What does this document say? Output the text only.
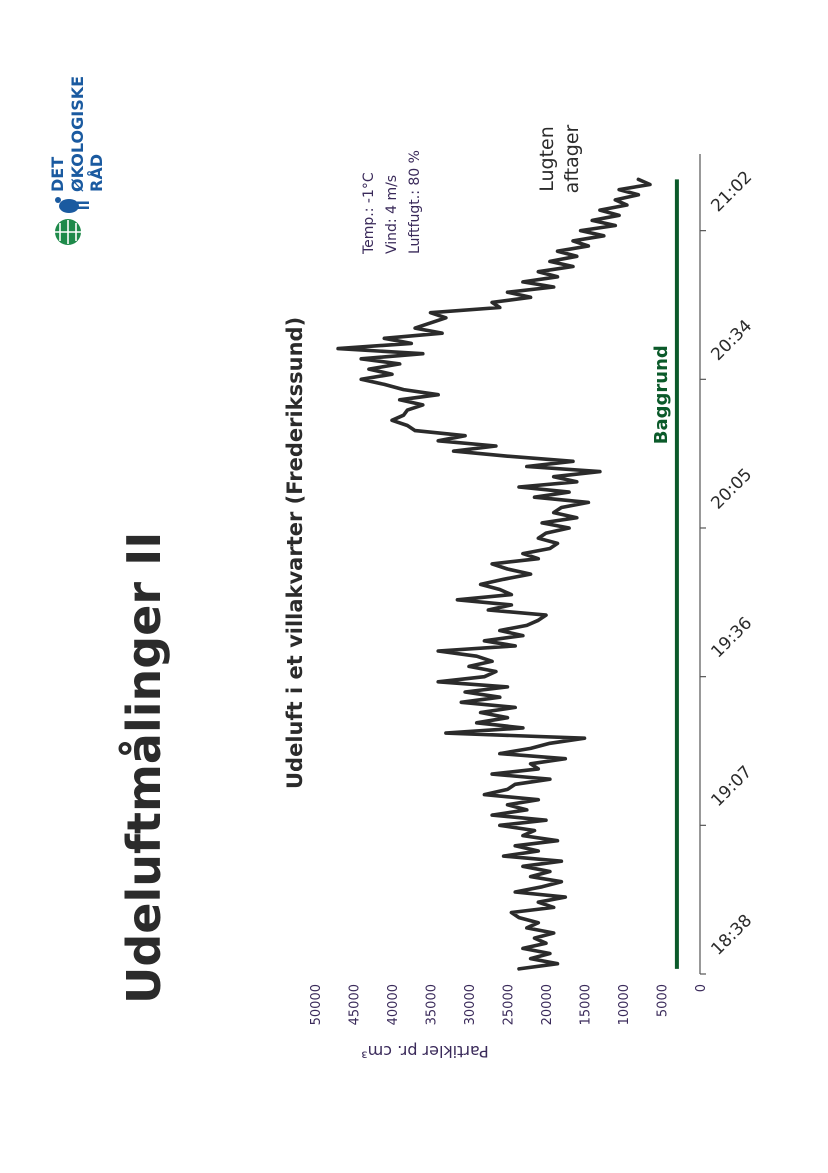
Udeluftmålinger II
DET ØKOLOGISKE RÅD
Udeluft i et villakvarter (Frederikssund)
Partikler pr. cm³
Temp.: -1°C Vind: 4 m/s Luftfugt.: 80 %	Lugten aftager
0
5000
10000
15000
20000
25000
30000
35000
40000
45000
50000
18:38
19:07
19:36
20:05
20:34
21:02
Baggrund
